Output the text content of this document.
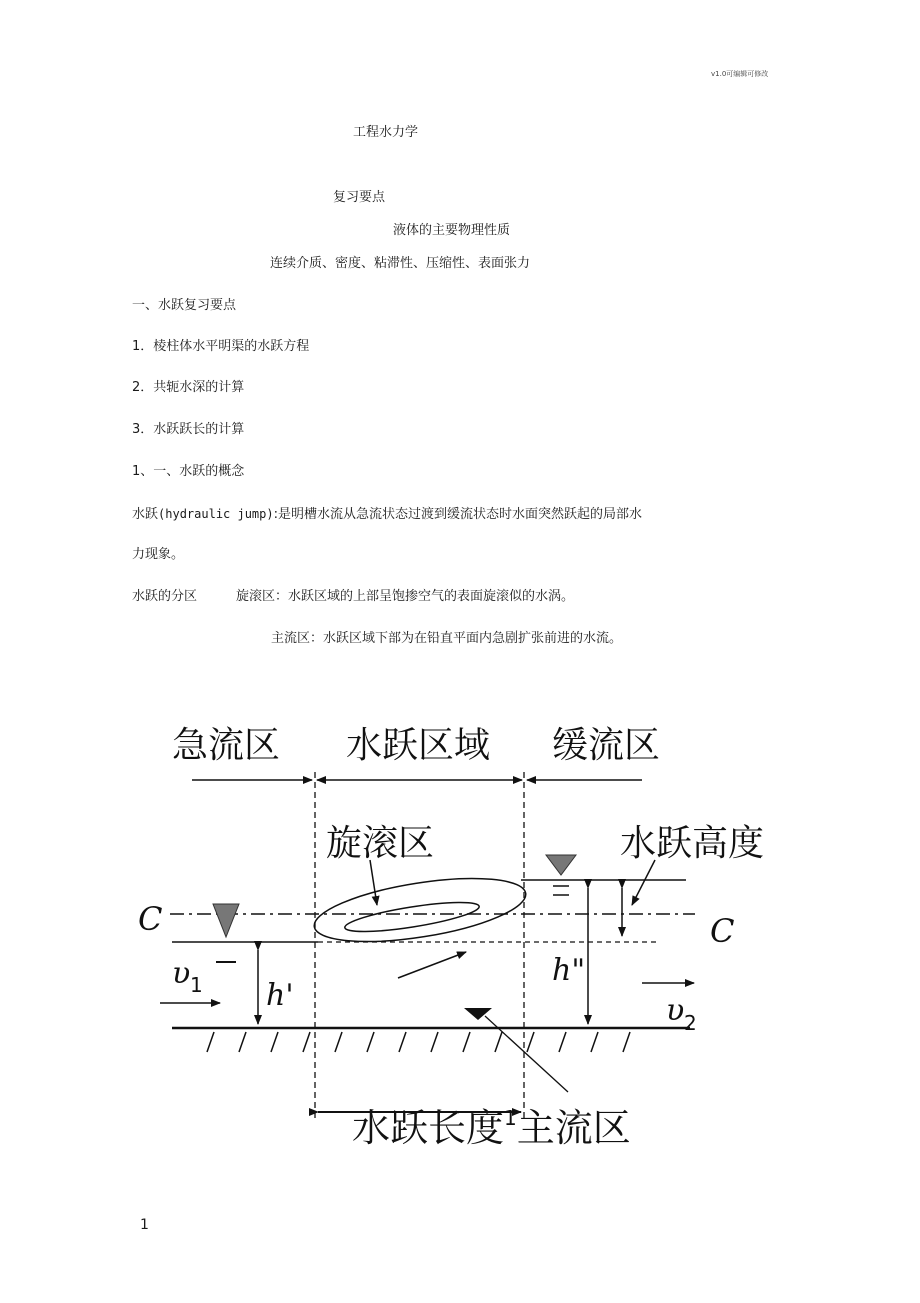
v1.0可编辑可修改
工程水力学
复习要点
液体的主要物理性质
连续介质、密度、粘滞性、压缩性、表面张力
一、水跃复习要点
1．棱柱体水平明渠的水跃方程
2．共轭水深的计算
3．水跃跃长的计算
1、一、水跃的概念
水跃(hydraulic jump):是明槽水流从急流状态过渡到缓流状态时水面突然跃起的局部水
力现象。
水跃的分区	旋滚区：水跃区域的上部呈饱掺空气的表面旋滚似的水涡。
主流区：水跃区域下部为在铅直平面内急剧扩张前进的水流。
急流区 水跃区域 缓流区
旋滚区	水跃高度
C	C
υ 1 h'
h"
υ 2
水跃长度$^1$主流区
1
